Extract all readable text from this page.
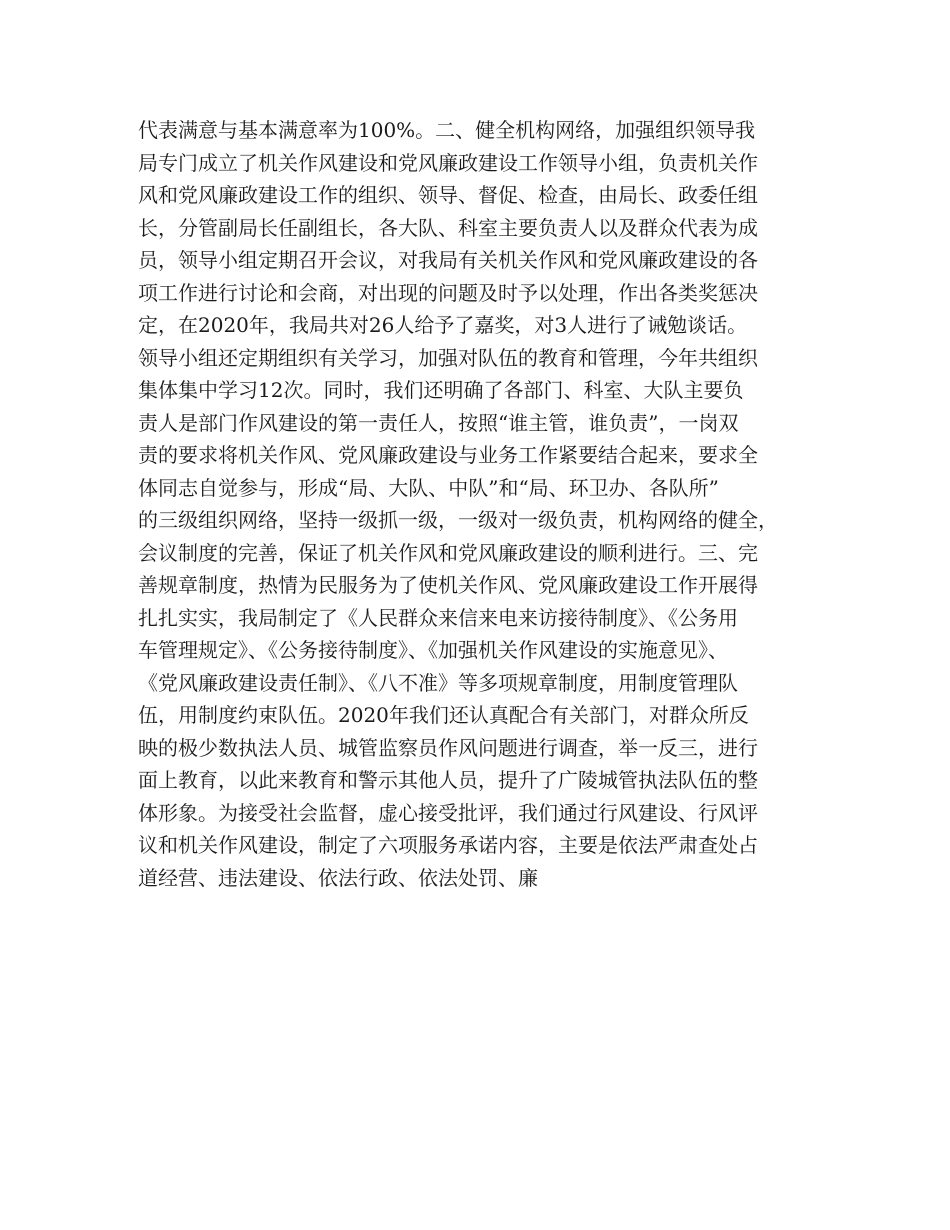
代表满意与基本满意率为100%。二、健全机构网络，加强组织领导我
局专门成立了机关作风建设和党风廉政建设工作领导小组，负责机关作
风和党风廉政建设工作的组织、领导、督促、检查，由局长、政委任组
长，分管副局长任副组长，各大队、科室主要负责人以及群众代表为成
员，领导小组定期召开会议，对我局有关机关作风和党风廉政建设的各
项工作进行讨论和会商，对出现的问题及时予以处理，作出各类奖惩决
定，在2020年，我局共对26人给予了嘉奖，对3人进行了诫勉谈话。
领导小组还定期组织有关学习，加强对队伍的教育和管理，今年共组织
集体集中学习12次。同时，我们还明确了各部门、科室、大队主要负
责人是部门作风建设的第一责任人，按照“谁主管，谁负责”，一岗双
责的要求将机关作风、党风廉政建设与业务工作紧要结合起来，要求全
体同志自觉参与，形成“局、大队、中队”和“局、环卫办、各队所”
的三级组织网络，坚持一级抓一级，一级对一级负责，机构网络的健全，
会议制度的完善，保证了机关作风和党风廉政建设的顺利进行。三、完
善规章制度，热情为民服务为了使机关作风、党风廉政建设工作开展得
扎扎实实，我局制定了《人民群众来信来电来访接待制度》、《公务用
车管理规定》、《公务接待制度》、《加强机关作风建设的实施意见》、
《党风廉政建设责任制》、《八不准》等多项规章制度，用制度管理队
伍，用制度约束队伍。2020年我们还认真配合有关部门，对群众所反
映的极少数执法人员、城管监察员作风问题进行调查，举一反三，进行
面上教育，以此来教育和警示其他人员，提升了广陵城管执法队伍的整
体形象。为接受社会监督，虚心接受批评，我们通过行风建设、行风评
议和机关作风建设，制定了六项服务承诺内容，主要是依法严肃查处占
道经营、违法建设、依法行政、依法处罚、廉
